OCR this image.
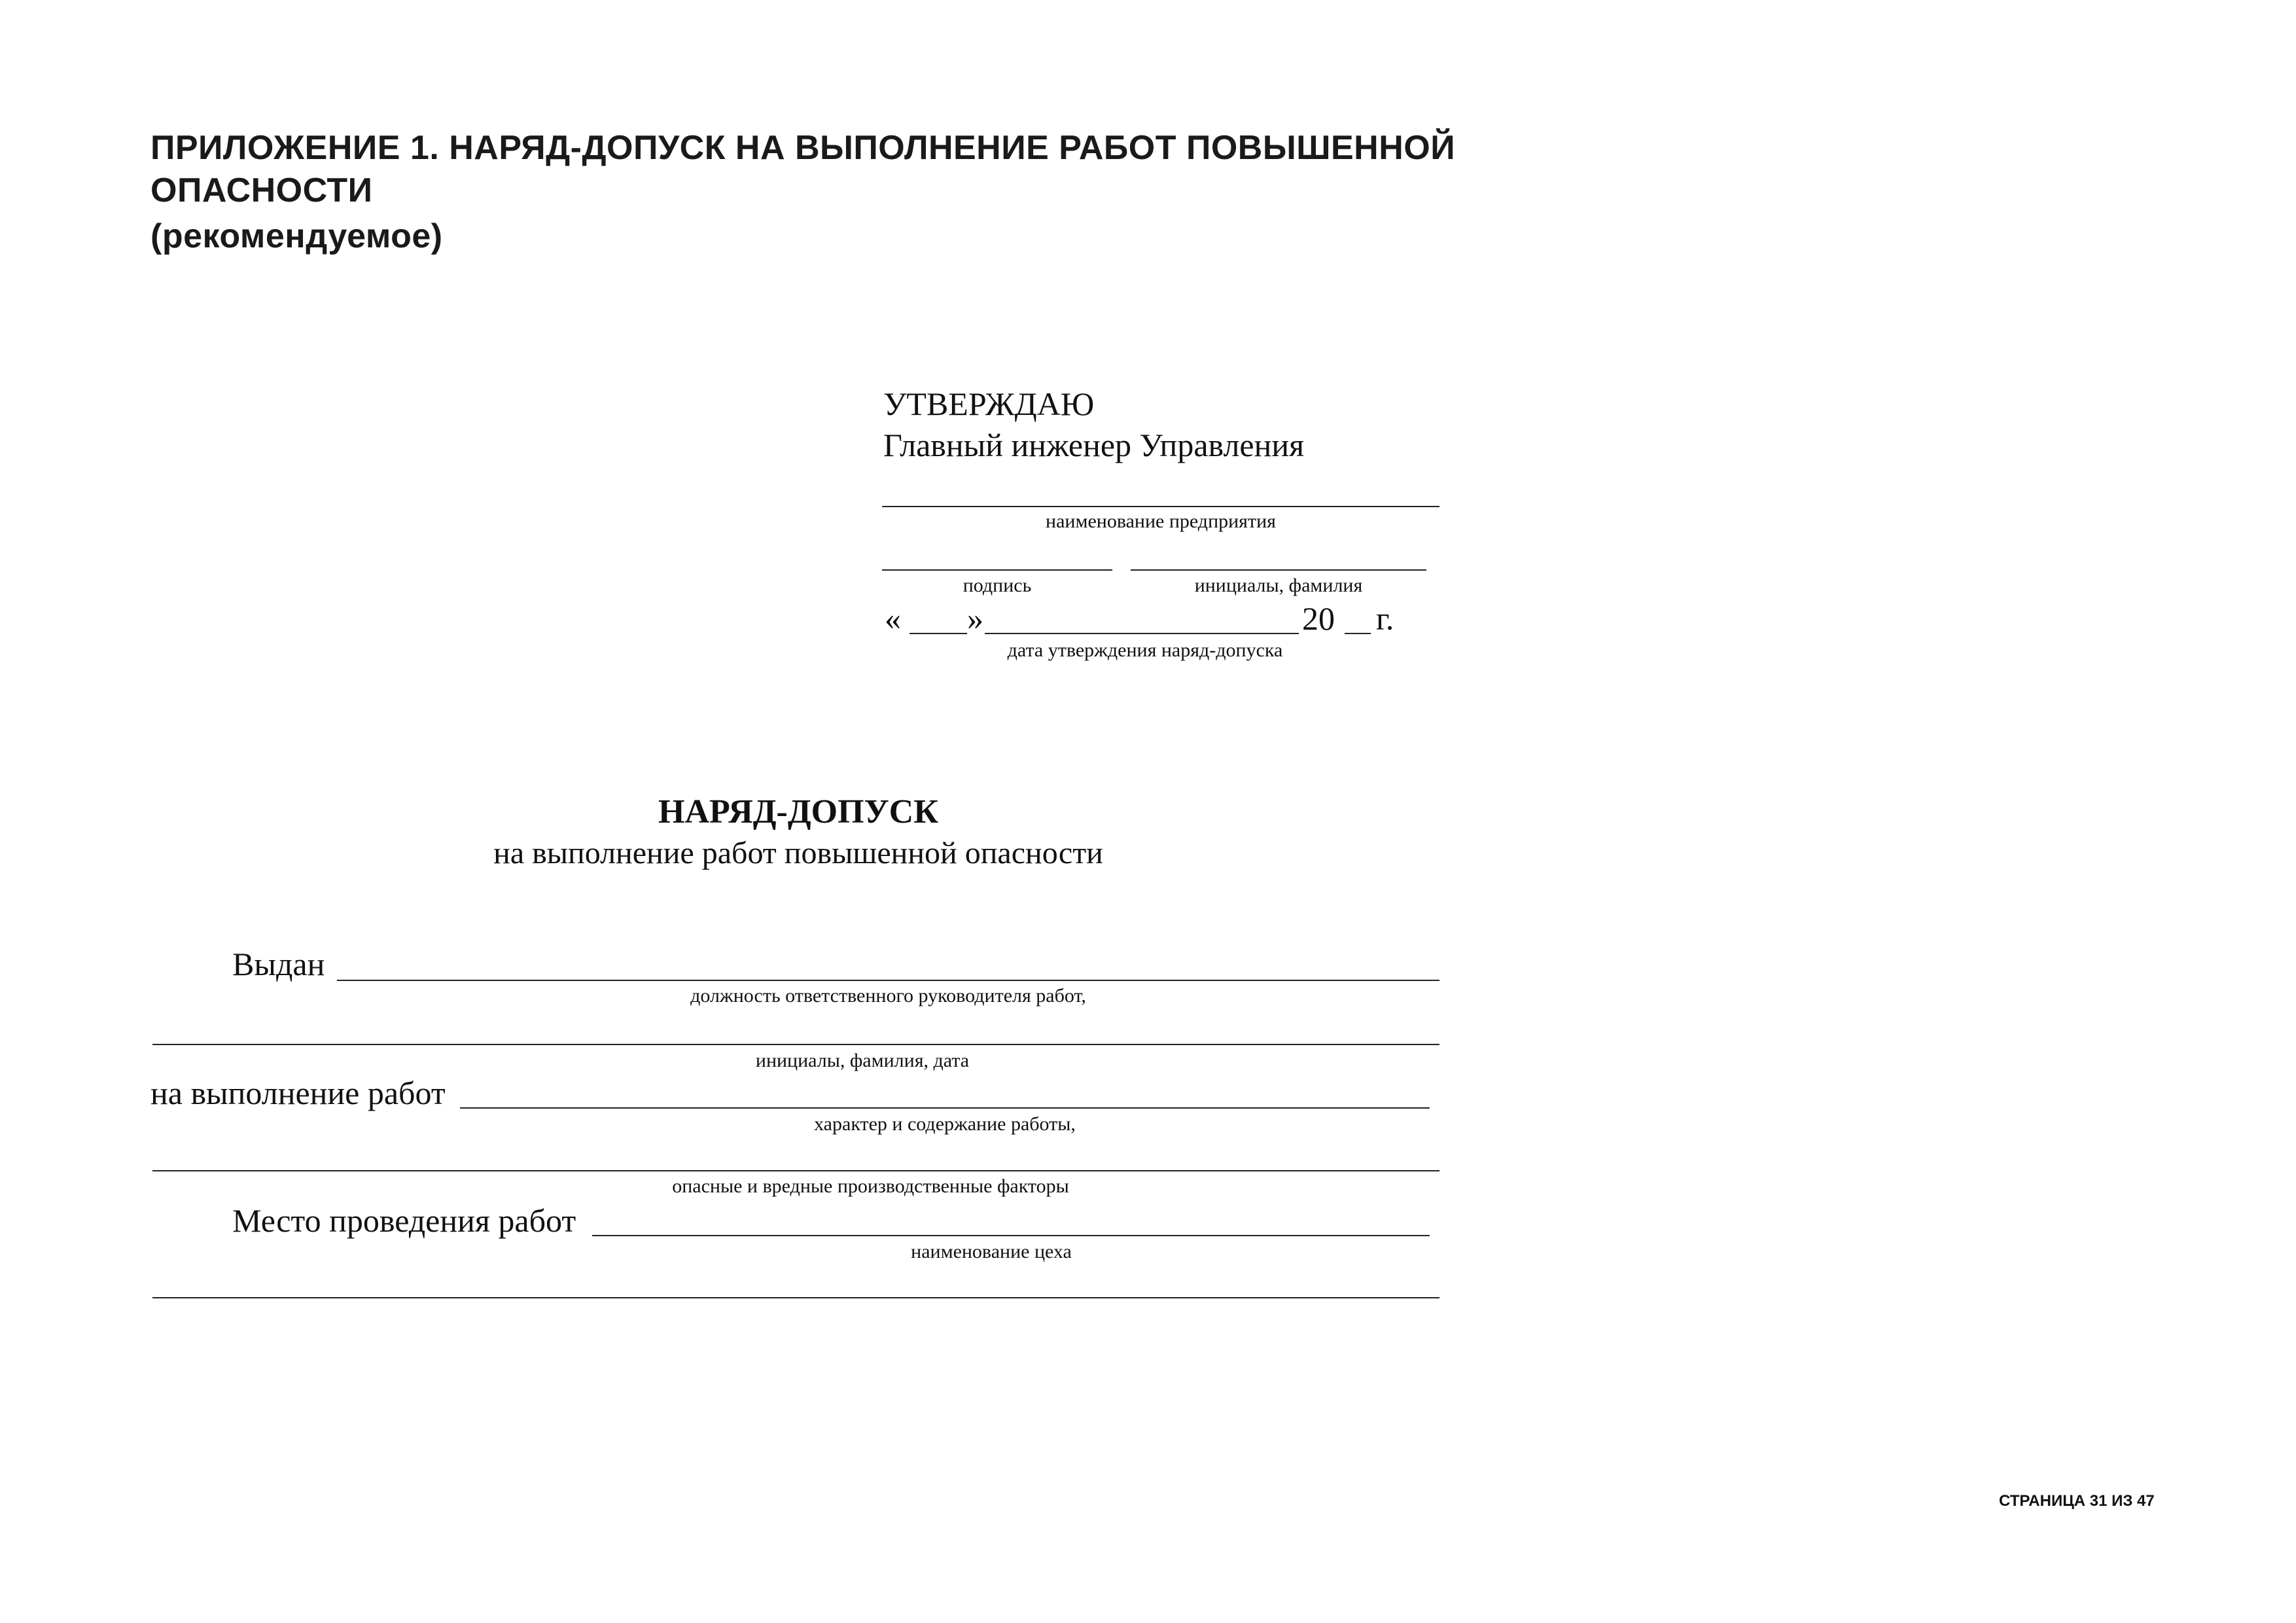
ПРИЛОЖЕНИЕ 1. НАРЯД-ДОПУСК НА ВЫПОЛНЕНИЕ РАБОТ ПОВЫШЕННОЙ
ОПАСНОСТИ
(рекомендуемое)
УТВЕРЖДАЮ
Главный инженер Управления
наименование предприятия
подпись	инициалы, фамилия
« »	20 г.
дата утверждения наряд-допуска
НАРЯД-ДОПУСК
на выполнение работ повышенной опасности
Выдан
должность ответственного руководителя работ,
инициалы, фамилия, дата
на выполнение работ
характер и содержание работы,
опасные и вредные производственные факторы
Место проведения работ
наименование цеха
СТРАНИЦА 31 ИЗ 47
